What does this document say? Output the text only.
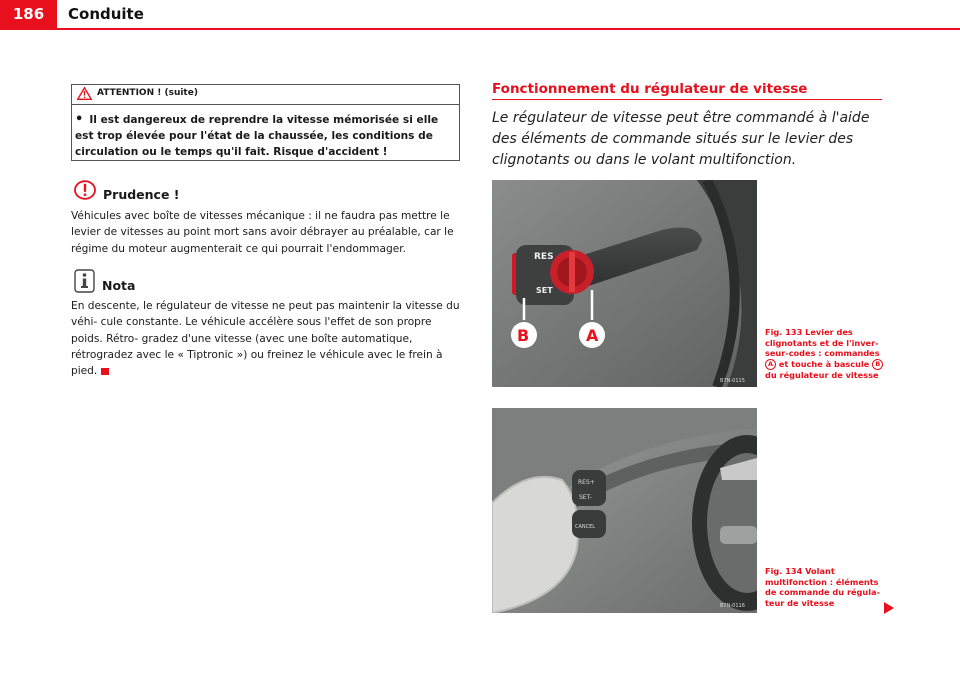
186	Conduite
ATTENTION ! (suite)
• Il est dangereux de reprendre la vitesse mémorisée si elle est trop élevée pour l'état de la chaussée, les conditions de circulation ou le temps qu'il fait. Risque d'accident !
Prudence !
Véhicules avec boîte de vitesses mécanique : il ne faudra pas mettre le levier de vitesses au point mort sans avoir débrayer au préalable, car le régime du moteur augmenterait ce qui pourrait l'endommager.
Nota
En descente, le régulateur de vitesse ne peut pas maintenir la vitesse du véhi- cule constante. Le véhicule accélère sous l'effet de son propre poids. Rétro- gradez d'une vitesse (avec une boîte automatique, rétrogradez avec le « Tiptronic ») ou freinez le véhicule avec le frein à pied.
Fonctionnement du régulateur de vitesse
Le régulateur de vitesse peut être commandé à l'aide des éléments de commande situés sur le levier des clignotants ou dans le volant multifonction.
RES
SET
B	A
B7N-0115
RES+
SET-
CANCEL
B7N-0116
Fig. 133 Levier des clignotants et de l'inver- seur-codes : commandes A et touche à bascule B du régulateur de vitesse
Fig. 134 Volant multifonction : éléments de commande du régula- teur de vitesse
